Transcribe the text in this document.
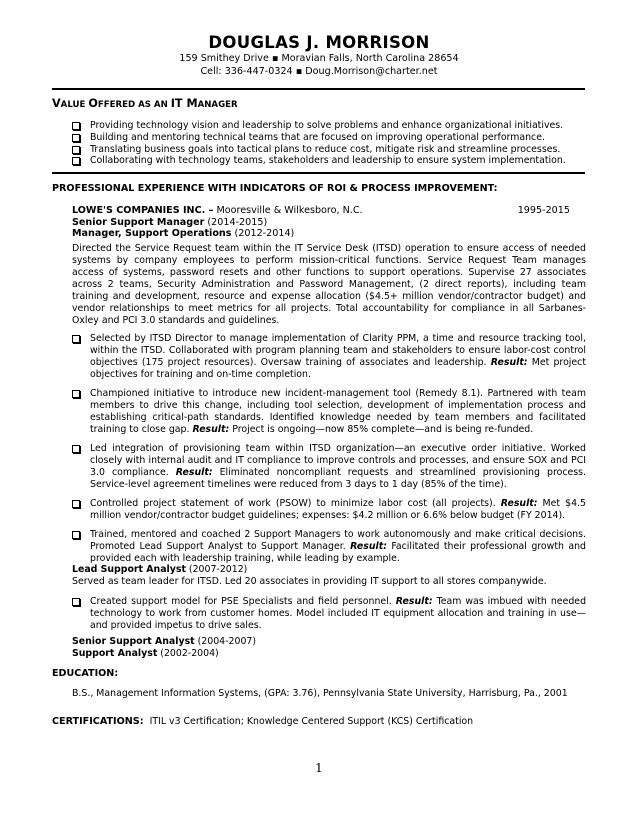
DOUGLAS J. MORRISON
159 Smithey Drive ▪ Moravian Falls, North Carolina 28654
Cell: 336-447-0324 ▪ Doug.Morrison@charter.net
VALUE OFFERED AS AN IT MANAGER
Providing technology vision and leadership to solve problems and enhance organizational initiatives.
Building and mentoring technical teams that are focused on improving operational performance.
Translating business goals into tactical plans to reduce cost, mitigate risk and streamline processes.
Collaborating with technology teams, stakeholders and leadership to ensure system implementation.
PROFESSIONAL EXPERIENCE WITH INDICATORS OF ROI & PROCESS IMPROVEMENT:
LOWE'S COMPANIES INC. – Mooresville & Wilkesboro, N.C.
Senior Support Manager (2014-2015)
Manager, Support Operations (2012-2014)
1995-2015
Directed the Service Request team within the IT Service Desk (ITSD) operation to ensure access of needed systems by company employees to perform mission-critical functions. Service Request Team manages access of systems, password resets and other functions to support operations. Supervise 27 associates across 2 teams, Security Administration and Password Management, (2 direct reports), including team training and development, resource and expense allocation ($4.5+ million vendor/contractor budget) and vendor relationships to meet metrics for all projects. Total accountability for compliance in all Sarbanes-Oxley and PCI 3.0 standards and guidelines.
Selected by ITSD Director to manage implementation of Clarity PPM, a time and resource tracking tool, within the ITSD. Collaborated with program planning team and stakeholders to ensure labor-cost control objectives (175 project resources). Oversaw training of associates and leadership. Result: Met project objectives for training and on-time completion.
Championed initiative to introduce new incident-management tool (Remedy 8.1). Partnered with team members to drive this change, including tool selection, development of implementation process and establishing critical-path standards. Identified knowledge needed by team members and facilitated training to close gap. Result: Project is ongoing—now 85% complete—and is being re-funded.
Led integration of provisioning team within ITSD organization—an executive order initiative. Worked closely with internal audit and IT compliance to improve controls and processes, and ensure SOX and PCI 3.0 compliance. Result: Eliminated noncompliant requests and streamlined provisioning process. Service-level agreement timelines were reduced from 3 days to 1 day (85% of the time).
Controlled project statement of work (PSOW) to minimize labor cost (all projects). Result: Met $4.5 million vendor/contractor budget guidelines; expenses: $4.2 million or 6.6% below budget (FY 2014).
Trained, mentored and coached 2 Support Managers to work autonomously and make critical decisions. Promoted Lead Support Analyst to Support Manager. Result: Facilitated their professional growth and provided each with leadership training, while leading by example.
Lead Support Analyst (2007-2012)
Served as team leader for ITSD. Led 20 associates in providing IT support to all stores companywide.
Created support model for PSE Specialists and field personnel. Result: Team was imbued with needed technology to work from customer homes. Model included IT equipment allocation and training in use—and provided impetus to drive sales.
Senior Support Analyst (2004-2007)
Support Analyst (2002-2004)
EDUCATION:
B.S., Management Information Systems, (GPA: 3.76), Pennsylvania State University, Harrisburg, Pa., 2001
CERTIFICATIONS: ITIL v3 Certification; Knowledge Centered Support (KCS) Certification
1
